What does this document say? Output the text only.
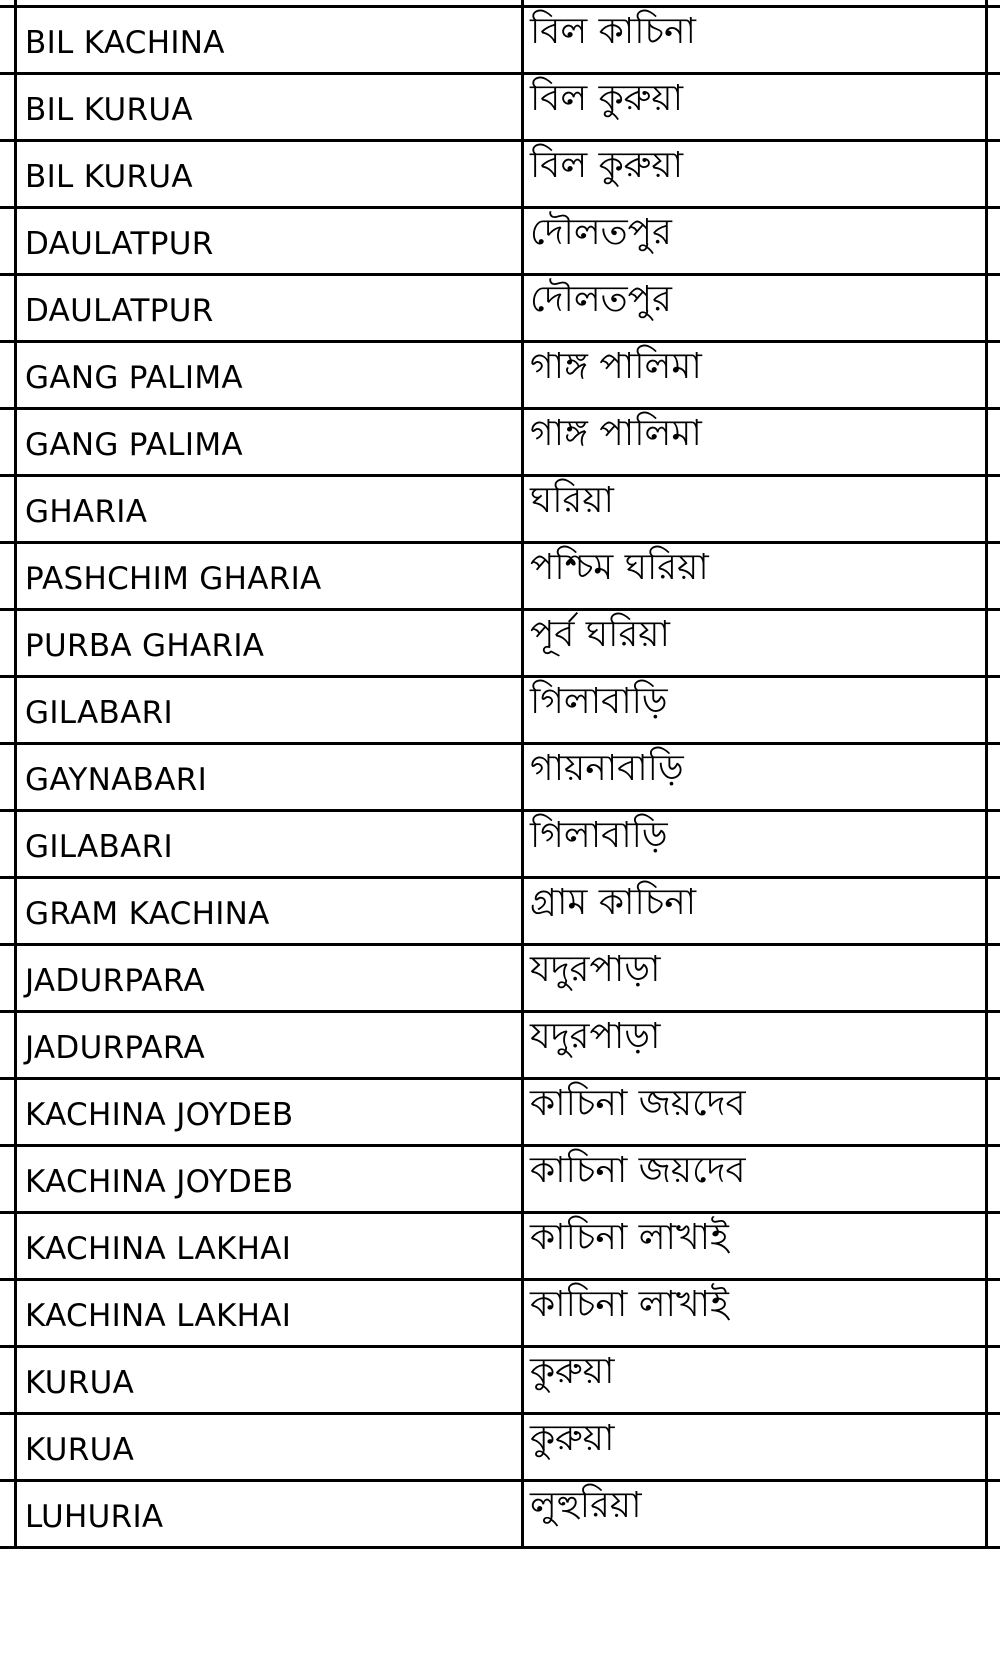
BIL KACHINA	বিল কাচিনা
BIL KURUA	বিল কুরুয়া
BIL KURUA	বিল কুরুয়া
DAULATPUR	দৌলতপুর
DAULATPUR	দৌলতপুর
GANG PALIMA	গাঙ্গ পালিমা
GANG PALIMA	গাঙ্গ পালিমা
GHARIA	ঘরিয়া
PASHCHIM GHARIA	পশ্চিম ঘরিয়া
PURBA GHARIA	পূর্ব ঘরিয়া
GILABARI	গিলাবাড়ি
GAYNABARI	গায়নাবাড়ি
GILABARI	গিলাবাড়ি
GRAM KACHINA	গ্রাম কাচিনা
JADURPARA	যদুরপাড়া
JADURPARA	যদুরপাড়া
KACHINA JOYDEB	কাচিনা জয়দেব
KACHINA JOYDEB	কাচিনা জয়দেব
KACHINA LAKHAI	কাচিনা লাখাই
KACHINA LAKHAI	কাচিনা লাখাই
KURUA	কুরুয়া
KURUA	কুরুয়া
LUHURIA	লুহুরিয়া
